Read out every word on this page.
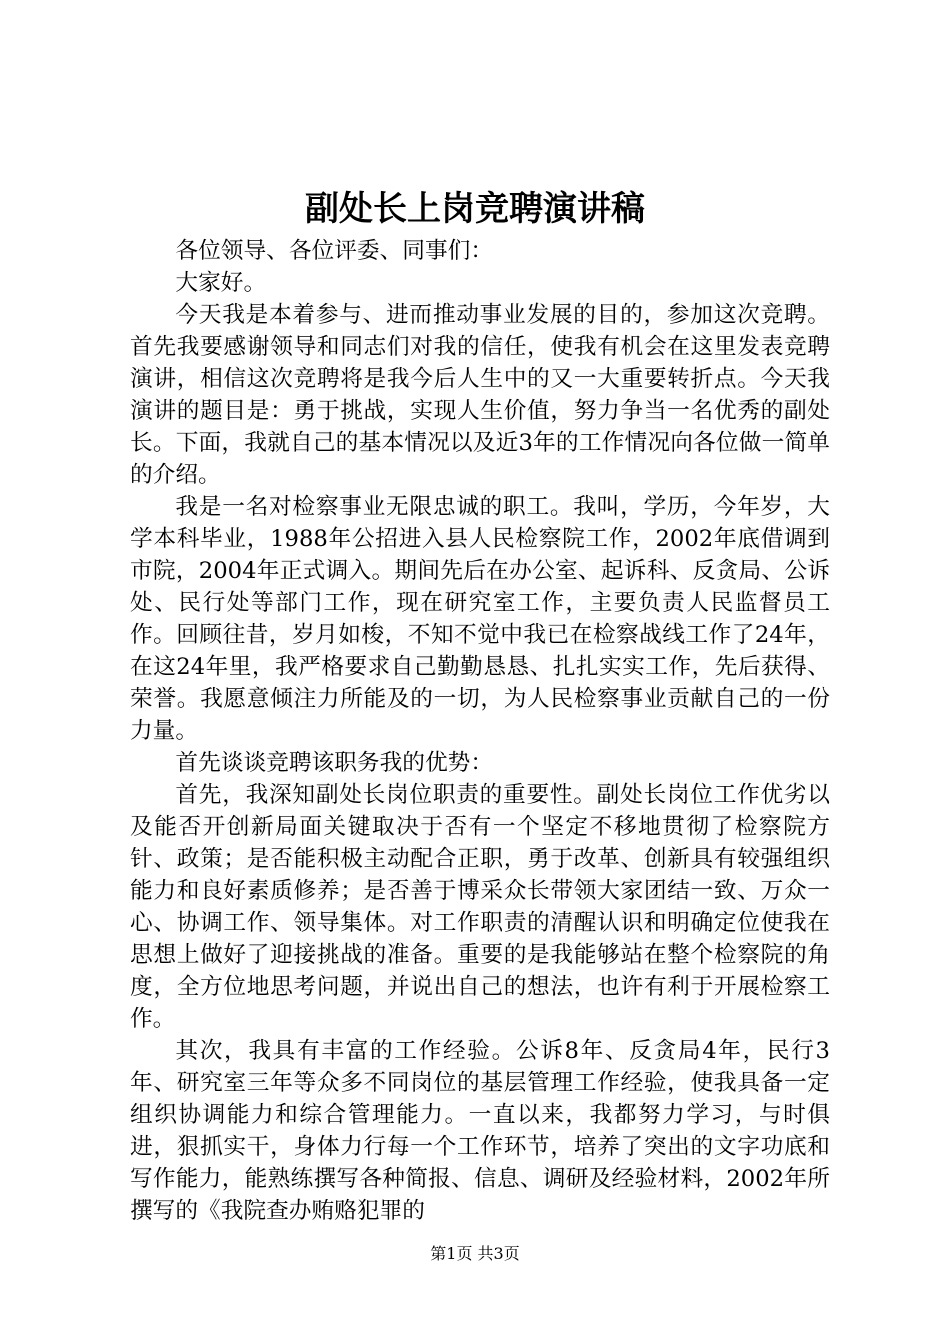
副处长上岗竞聘演讲稿

各位领导、各位评委、同事们：

大家好。

今天我是本着参与、进而推动事业发展的目的，参加这次竞聘。首先我要感谢领导和同志们对我的信任，使我有机会在这里发表竞聘演讲，相信这次竞聘将是我今后人生中的又一大重要转折点。今天我演讲的题目是：勇于挑战，实现人生价值，努力争当一名优秀的副处长。下面，我就自己的基本情况以及近3年的工作情况向各位做一简单的介绍。

我是一名对检察事业无限忠诚的职工。我叫，学历，今年岁，大学本科毕业，1988年公招进入县人民检察院工作，2002年底借调到市院，2004年正式调入。期间先后在办公室、起诉科、反贪局、公诉处、民行处等部门工作，现在研究室工作，主要负责人民监督员工作。回顾往昔，岁月如梭，不知不觉中我已在检察战线工作了24年，在这24年里，我严格要求自己勤勤恳恳、扎扎实实工作，先后获得、荣誉。我愿意倾注力所能及的一切，为人民检察事业贡献自己的一份力量。

首先谈谈竞聘该职务我的优势：

首先，我深知副处长岗位职责的重要性。副处长岗位工作优劣以及能否开创新局面关键取决于否有一个坚定不移地贯彻了检察院方针、政策；是否能积极主动配合正职，勇于改革、创新具有较强组织能力和良好素质修养；是否善于博采众长带领大家团结一致、万众一心、协调工作、领导集体。对工作职责的清醒认识和明确定位使我在思想上做好了迎接挑战的准备。重要的是我能够站在整个检察院的角度，全方位地思考问题，并说出自己的想法，也许有利于开展检察工作。

其次，我具有丰富的工作经验。公诉8年、反贪局4年，民行3年、研究室三年等众多不同岗位的基层管理工作经验，使我具备一定组织协调能力和综合管理能力。一直以来，我都努力学习，与时俱进，狠抓实干，身体力行每一个工作环节，培养了突出的文字功底和写作能力，能熟练撰写各种简报、信息、调研及经验材料，2002年所撰写的《我院查办贿赂犯罪的

第1页 共3页
